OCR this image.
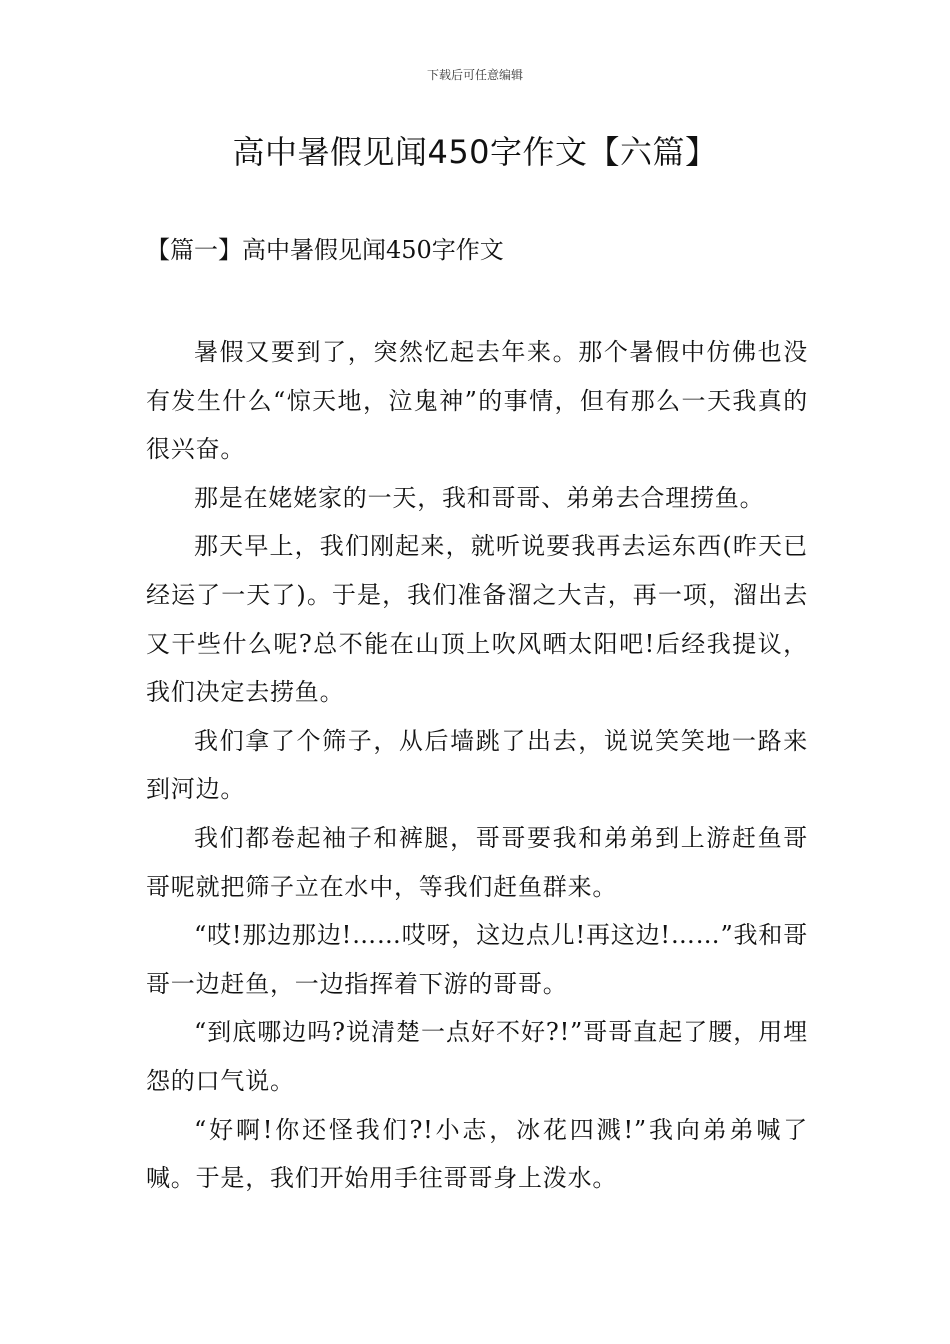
下载后可任意编辑
高中暑假见闻450字作文【六篇】
【篇一】高中暑假见闻450字作文

暑假又要到了，突然忆起去年来。那个暑假中仿佛也没有发生什么“惊天地，泣鬼神”的事情，但有那么一天我真的很兴奋。

那是在姥姥家的一天，我和哥哥、弟弟去合理捞鱼。

那天早上，我们刚起来，就听说要我再去运东西(昨天已经运了一天了)。于是，我们准备溜之大吉，再一项，溜出去又干些什么呢?总不能在山顶上吹风晒太阳吧!后经我提议，我们决定去捞鱼。

我们拿了个筛子，从后墙跳了出去，说说笑笑地一路来到河边。

我们都卷起袖子和裤腿，哥哥要我和弟弟到上游赶鱼哥哥呢就把筛子立在水中，等我们赶鱼群来。

“哎!那边那边!……哎呀，这边点儿!再这边!……”我和哥哥一边赶鱼，一边指挥着下游的哥哥。

“到底哪边吗?说清楚一点好不好?!”哥哥直起了腰，用埋怨的口气说。

“好啊!你还怪我们?!小志，冰花四溅!”我向弟弟喊了喊。于是，我们开始用手往哥哥身上泼水。
